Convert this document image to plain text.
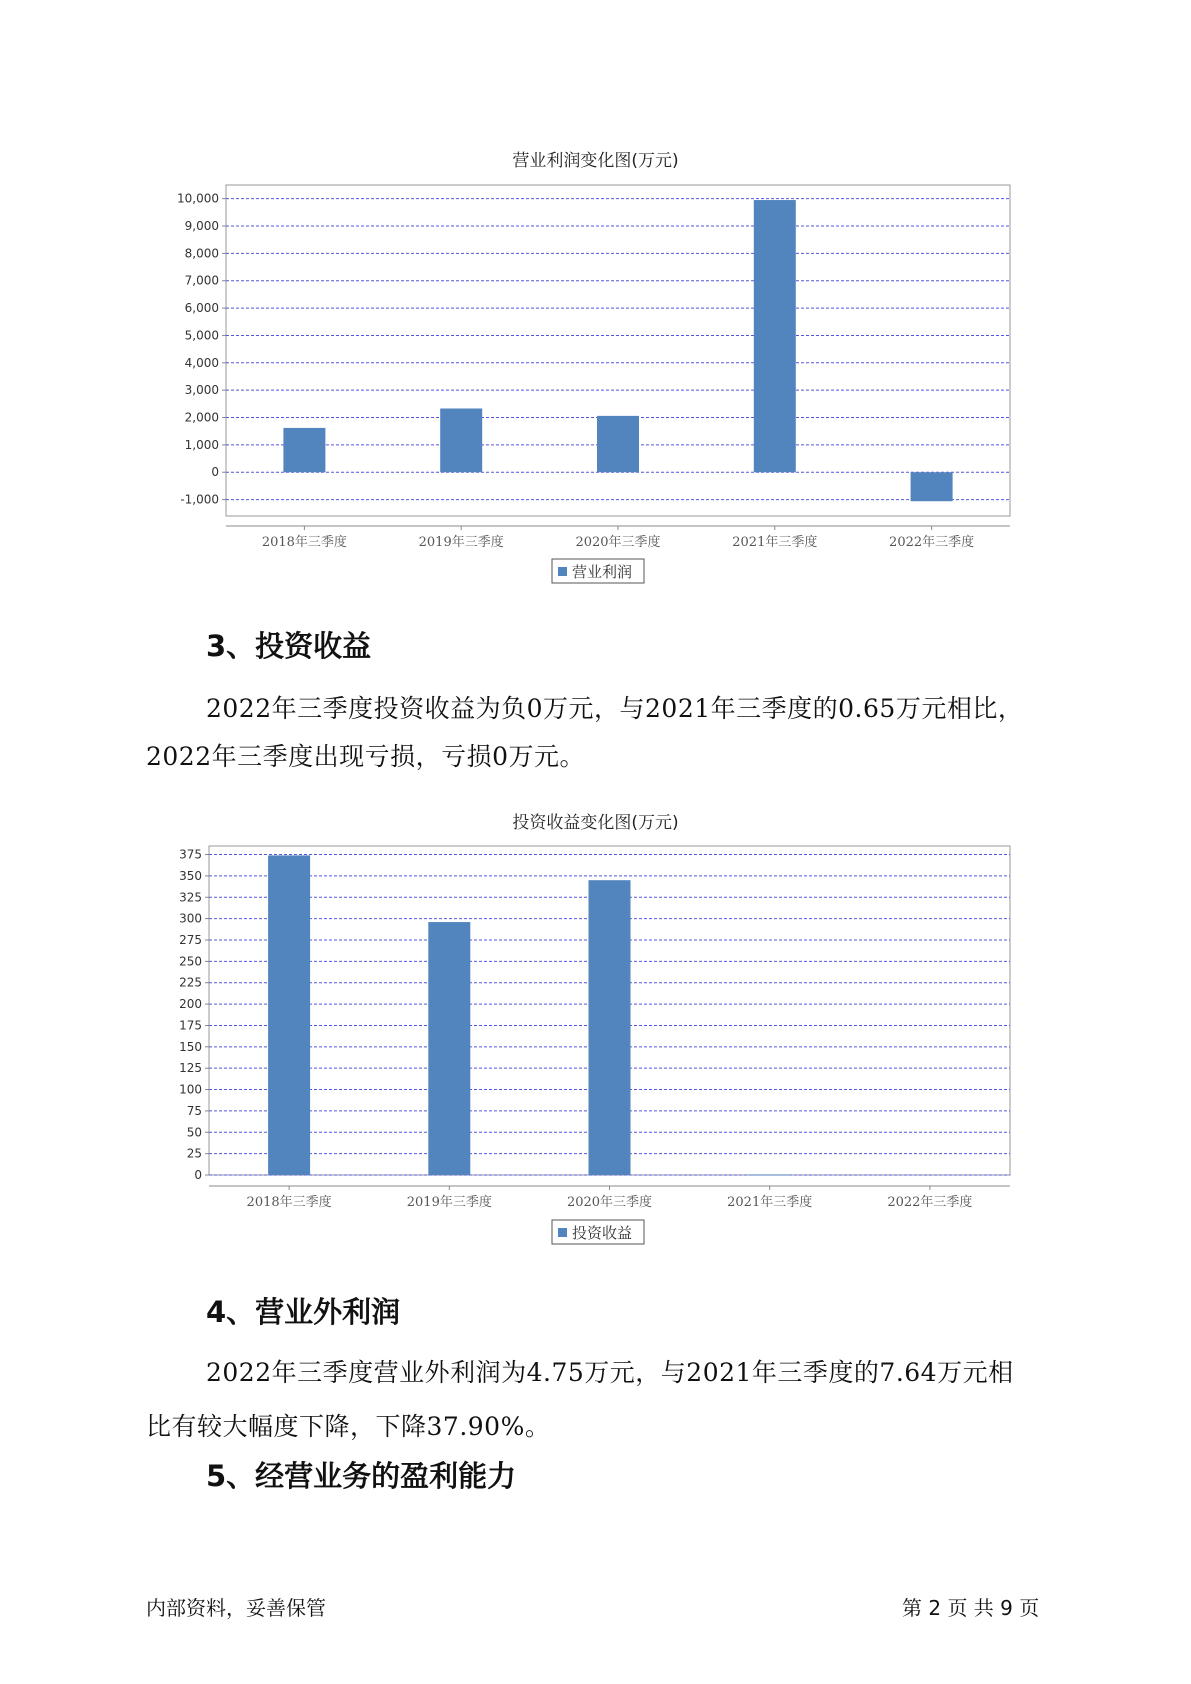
营业利润变化图(万元)
10,000
9,000
8,000
7,000
6,000
5,000
4,000
3,000
2,000
1,000
0
-1,000
2018年三季度	2019年三季度	2020年三季度	2021年三季度	2022年三季度
营业利润
3、投资收益
2022年三季度投资收益为负0万元，与2021年三季度的0.65万元相比，
2022年三季度出现亏损，亏损0万元。
投资收益变化图(万元)
375
350
325
300
275
250
225
200
175
150
125
100
75
50
25
0
2018年三季度	2019年三季度	2020年三季度	2021年三季度	2022年三季度
投资收益
4、营业外利润
2022年三季度营业外利润为4.75万元，与2021年三季度的7.64万元相
比有较大幅度下降，下降37.90%。
5、经营业务的盈利能力
内部资料，妥善保管	第 2 页 共 9 页
